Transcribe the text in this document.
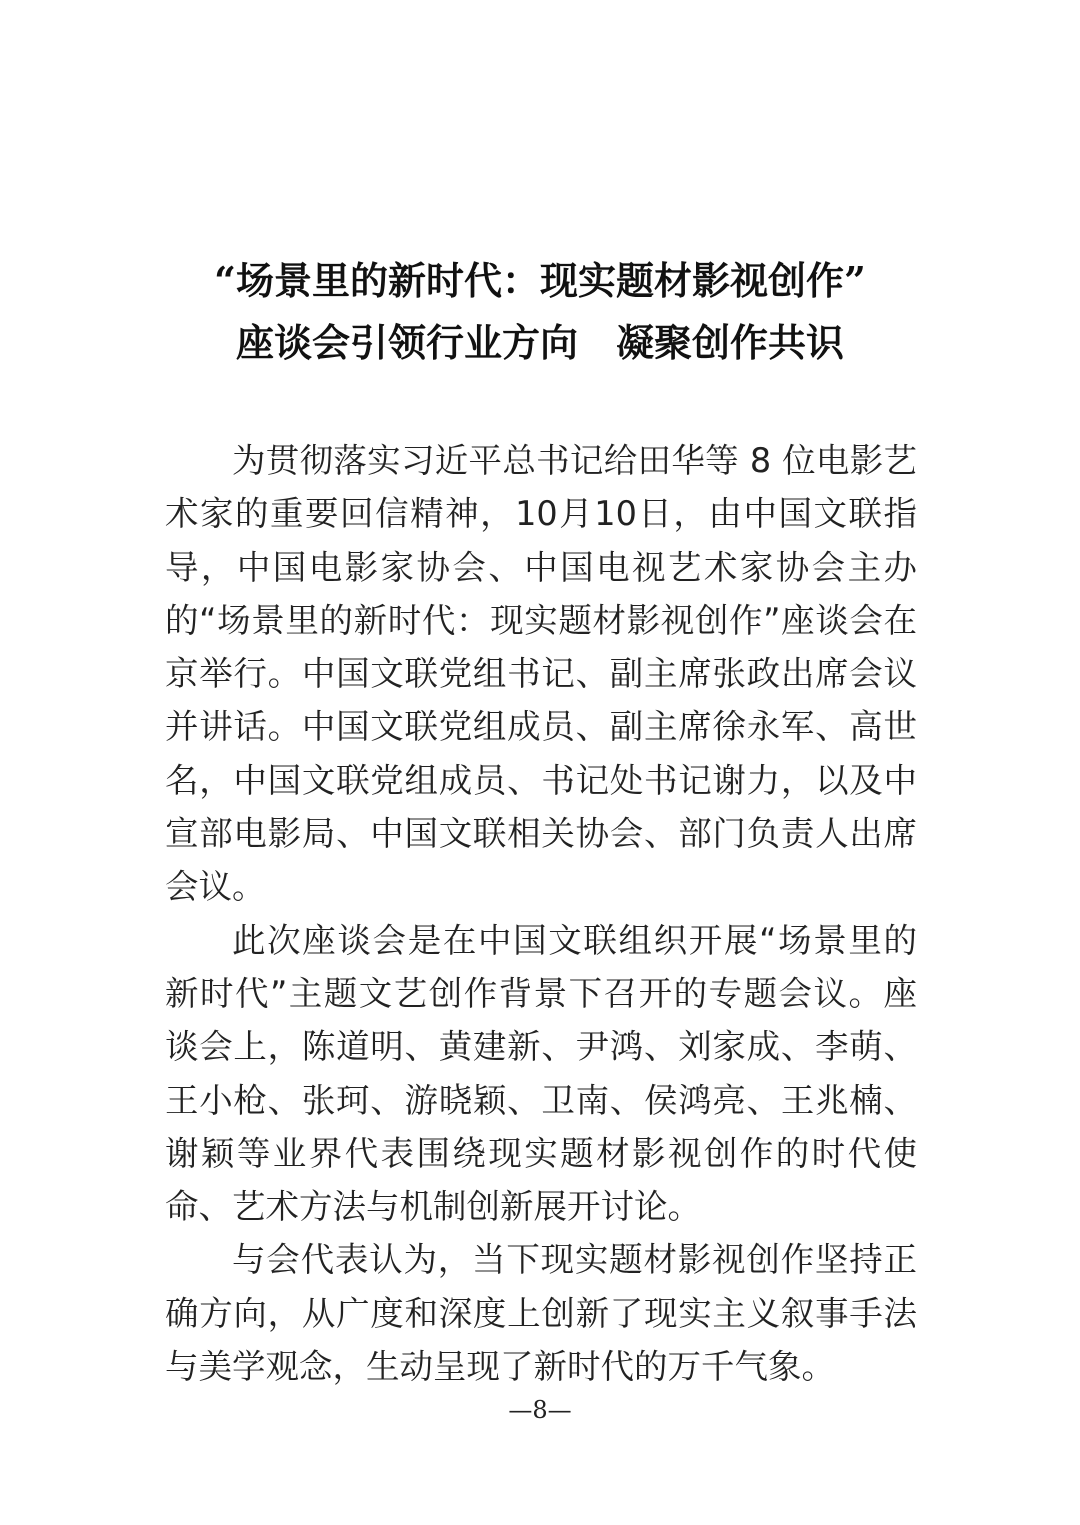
“场景里的新时代：现实题材影视创作”
座谈会引领行业方向　凝聚创作共识

为贯彻落实习近平总书记给田华等 8 位电影艺术家的重要回信精神，10月10日，由中国文联指导，中国电影家协会、中国电视艺术家协会主办的“场景里的新时代：现实题材影视创作”座谈会在京举行。中国文联党组书记、副主席张政出席会议并讲话。中国文联党组成员、副主席徐永军、高世名，中国文联党组成员、书记处书记谢力，以及中宣部电影局、中国文联相关协会、部门负责人出席会议。

此次座谈会是在中国文联组织开展“场景里的新时代”主题文艺创作背景下召开的专题会议。座谈会上，陈道明、黄建新、尹鸿、刘家成、李萌、王小枪、张珂、游晓颖、卫南、侯鸿亮、王兆楠、谢颖等业界代表围绕现实题材影视创作的时代使命、艺术方法与机制创新展开讨论。

与会代表认为，当下现实题材影视创作坚持正确方向，从广度和深度上创新了现实主义叙事手法与美学观念，生动呈现了新时代的万千气象。

—8—
